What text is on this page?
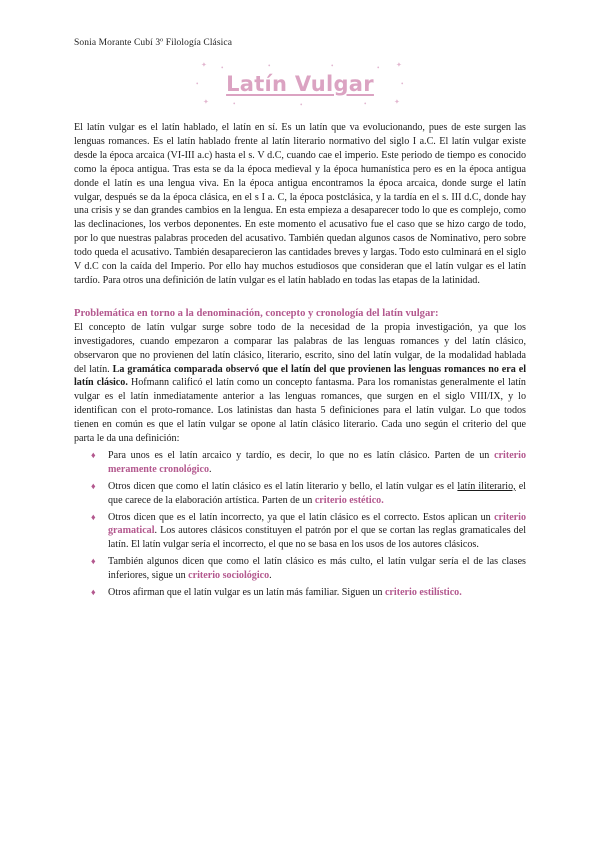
Sonia Morante Cubí 3º Filología Clásica
✦ •	•	•	• ✦
•	•
✦	•	•	•	✦
Latín Vulgar

El latín vulgar es el latín hablado, el latín en sí. Es un latín que va evolucionando, pues de este surgen las lenguas romances. Es el latín hablado frente al latín literario normativo del siglo I a.C. El latín vulgar existe desde la época arcaica (VI-III a.c) hasta el s. V d.C, cuando cae el imperio. Este periodo de tiempo es conocido como la época antigua. Tras esta se da la época medieval y la época humanística pero es en la época antigua donde el latín es una lengua viva. En la época antigua encontramos la época arcaica, donde surge el latín vulgar, después se da la época clásica, en el s I a. C, la época postclásica, y la tardía en el s. III d.C, donde hay una crisis y se dan grandes cambios en la lengua. En esta empieza a desaparecer todo lo que es complejo, como las declinaciones, los verbos deponentes. En este momento el acusativo fue el caso que se hizo cargo de todo, por lo que nuestras palabras proceden del acusativo. También quedan algunos casos de Nominativo, pero sobre todo queda el acusativo. También desaparecieron las cantidades breves y largas. Todo esto culminará en el siglo V d.C con la caída del Imperio. Por ello hay muchos estudiosos que consideran que el latín vulgar es el latín tardío. Para otros una definición de latín vulgar es el latín hablado en todas las etapas de la latinidad.

Problemática en torno a la denominación, concepto y cronología del latín vulgar:

El concepto de latín vulgar surge sobre todo de la necesidad de la propia investigación, ya que los investigadores, cuando empezaron a comparar las palabras de las lenguas romances y del latín clásico, observaron que no provienen del latín clásico, literario, escrito, sino del latín vulgar, de la modalidad hablada del latín. La gramática comparada observó que el latín del que provienen las lenguas romances no era el latín clásico. Hofmann calificó el latín como un concepto fantasma. Para los romanistas generalmente el latín vulgar es el latín inmediatamente anterior a las lenguas romances, que surgen en el siglo VIII/IX, y lo identifican con el proto-romance. Los latinistas dan hasta 5 definiciones para el latín vulgar. Lo que todos tienen en común es que el latín vulgar se opone al latín clásico literario. Cada uno según el criterio del que parta le da una definición:

♦ Para unos es el latín arcaico y tardío, es decir, lo que no es latín clásico. Parten de un criterio meramente cronológico.
♦ Otros dicen que como el latín clásico es el latín literario y bello, el latín vulgar es el latín iliterario, el que carece de la elaboración artística. Parten de un criterio estético.
♦ Otros dicen que es el latín incorrecto, ya que el latín clásico es el correcto. Estos aplican un criterio gramatical. Los autores clásicos constituyen el patrón por el que se cortan las reglas gramaticales del latín. El latín vulgar sería el incorrecto, el que no se basa en los usos de los autores clásicos.
♦ También algunos dicen que como el latín clásico es más culto, el latín vulgar sería el de las clases inferiores, sigue un criterio sociológico.
♦ Otros afirman que el latín vulgar es un latín más familiar. Siguen un criterio estilístico.
